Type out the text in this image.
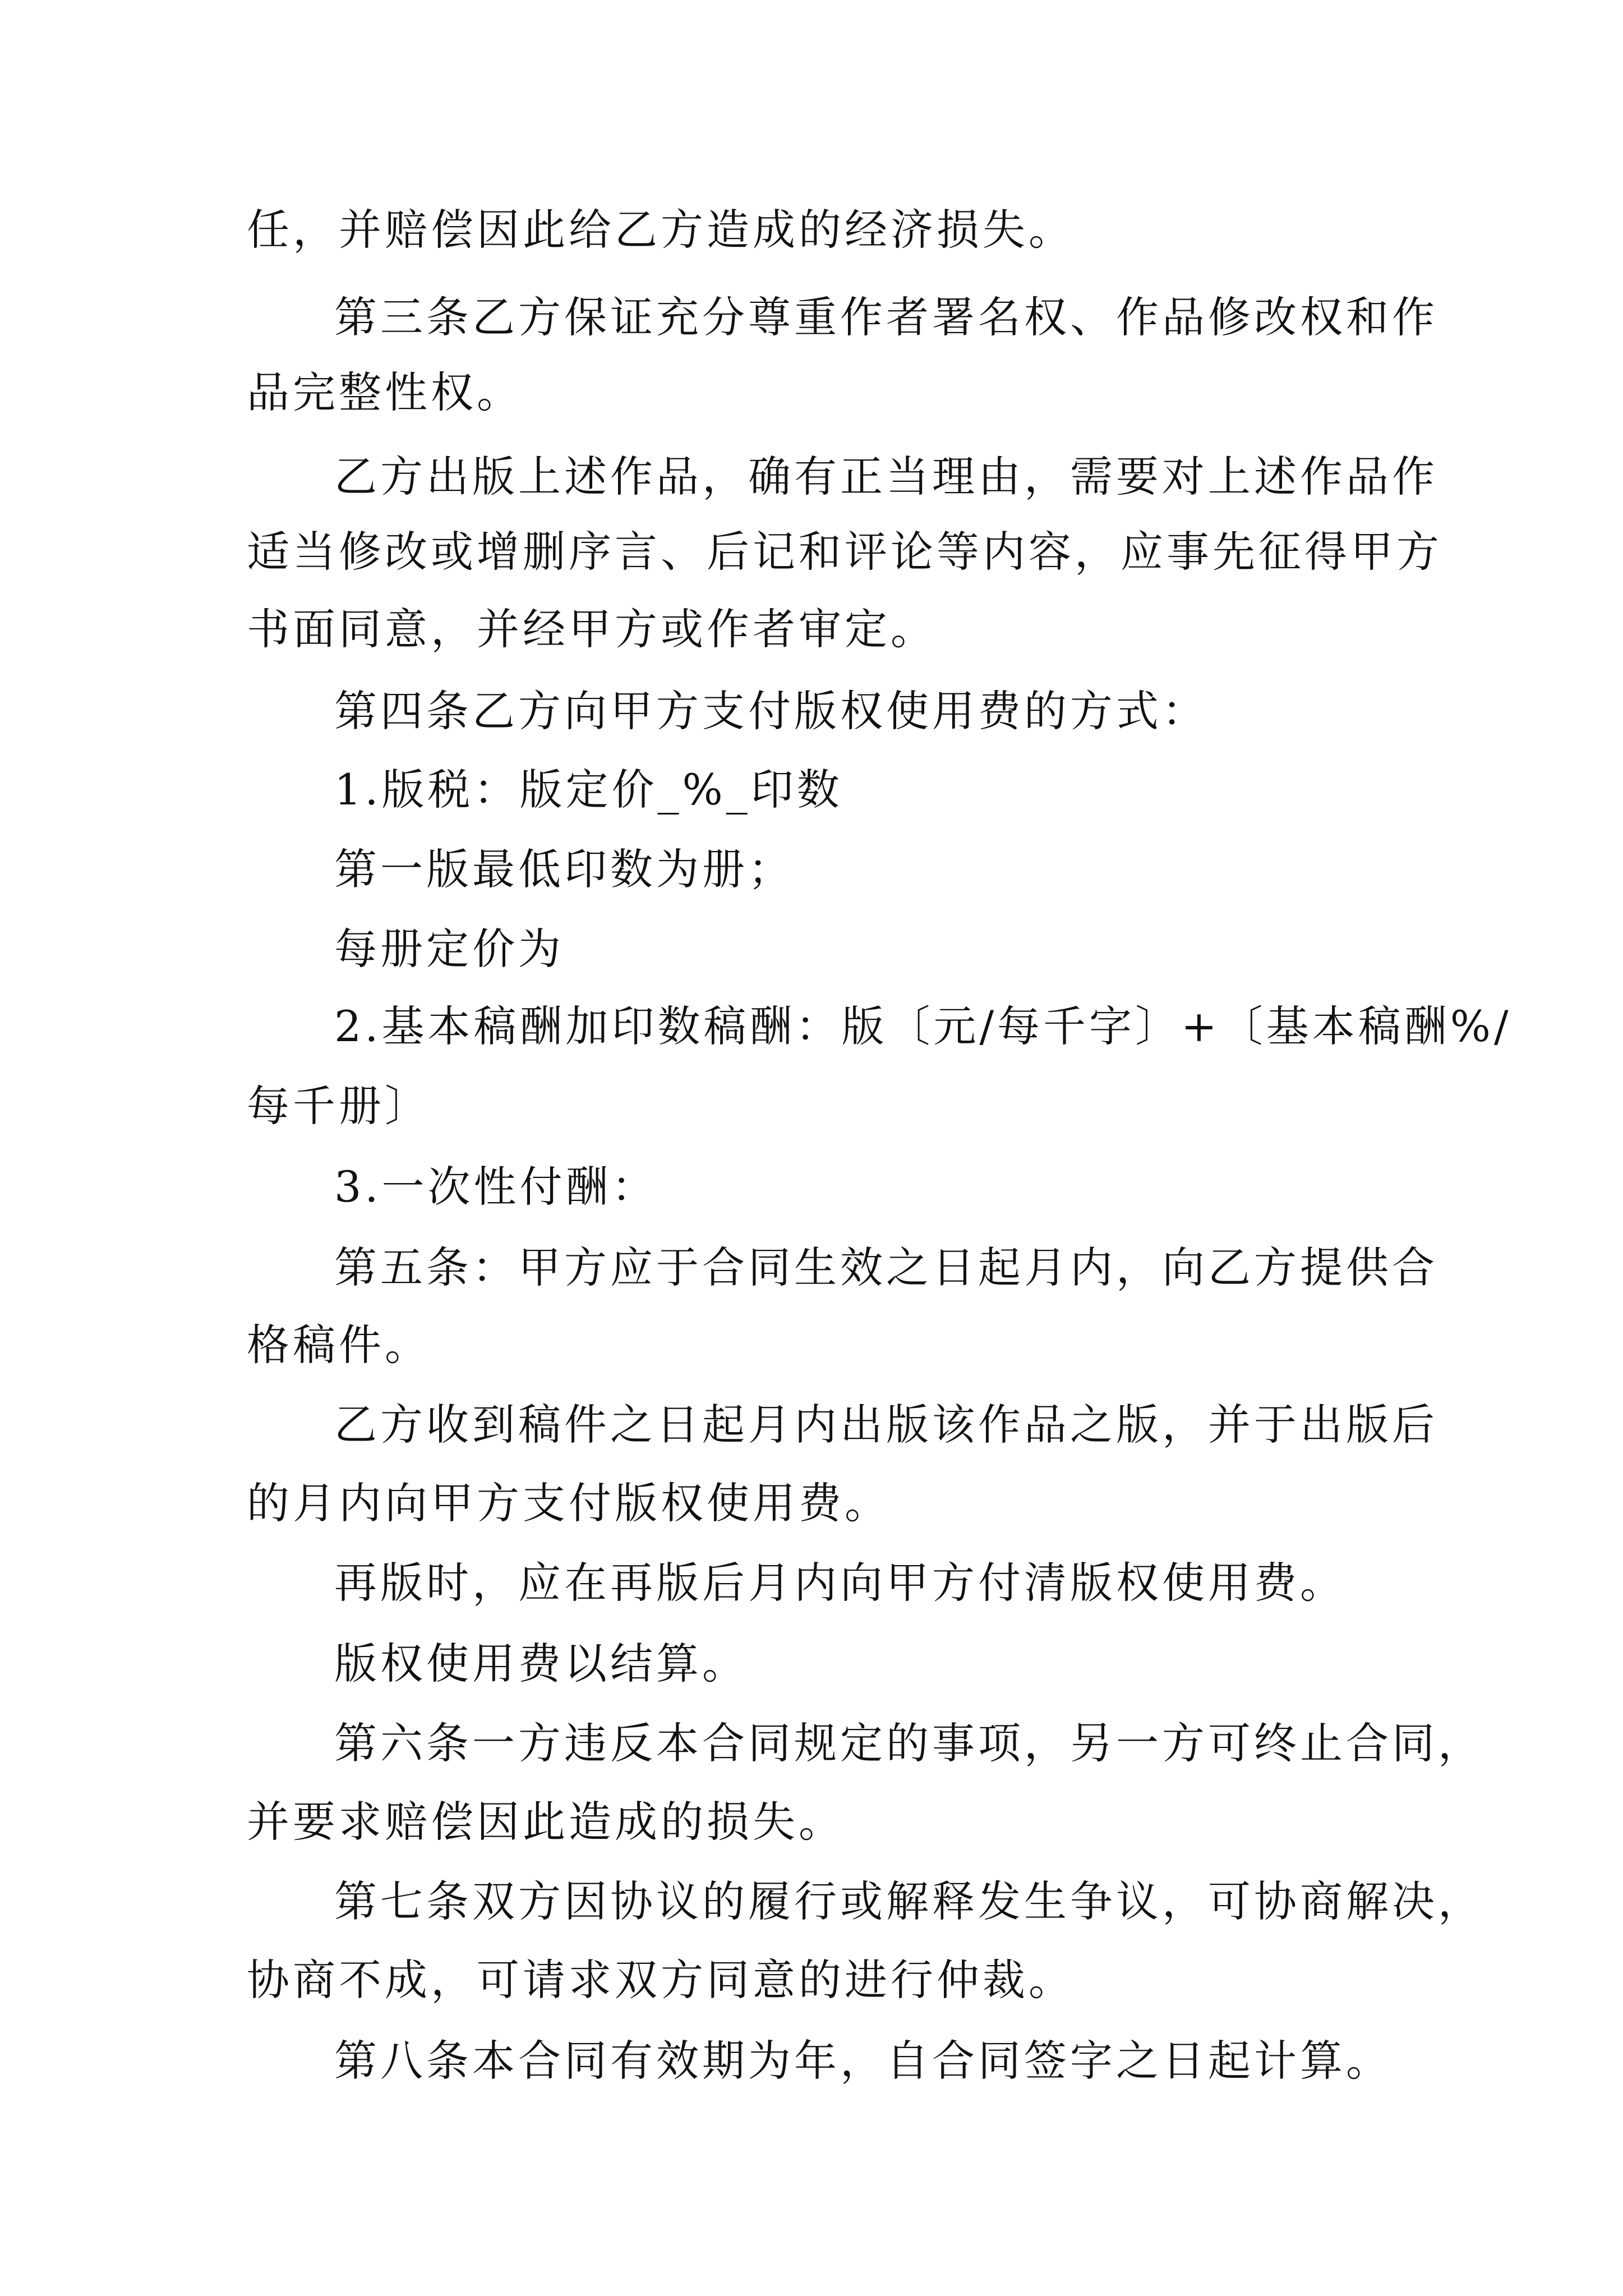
任，并赔偿因此给乙方造成的经济损失。
第三条乙方保证充分尊重作者署名权、作品修改权和作
品完整性权。
乙方出版上述作品，确有正当理由，需要对上述作品作
适当修改或增删序言、后记和评论等内容，应事先征得甲方
书面同意，并经甲方或作者审定。
第四条乙方向甲方支付版权使用费的方式：
1.版税：版定价_%_印数
第一版最低印数为册；
每册定价为
2.基本稿酬加印数稿酬：版〔元/每千字〕+〔基本稿酬%/
每千册〕
3.一次性付酬：
第五条：甲方应于合同生效之日起月内，向乙方提供合
格稿件。
乙方收到稿件之日起月内出版该作品之版，并于出版后
的月内向甲方支付版权使用费。
再版时，应在再版后月内向甲方付清版权使用费。
版权使用费以结算。
第六条一方违反本合同规定的事项，另一方可终止合同，
并要求赔偿因此造成的损失。
第七条双方因协议的履行或解释发生争议，可协商解决，
协商不成，可请求双方同意的进行仲裁。
第八条本合同有效期为年，自合同签字之日起计算。
